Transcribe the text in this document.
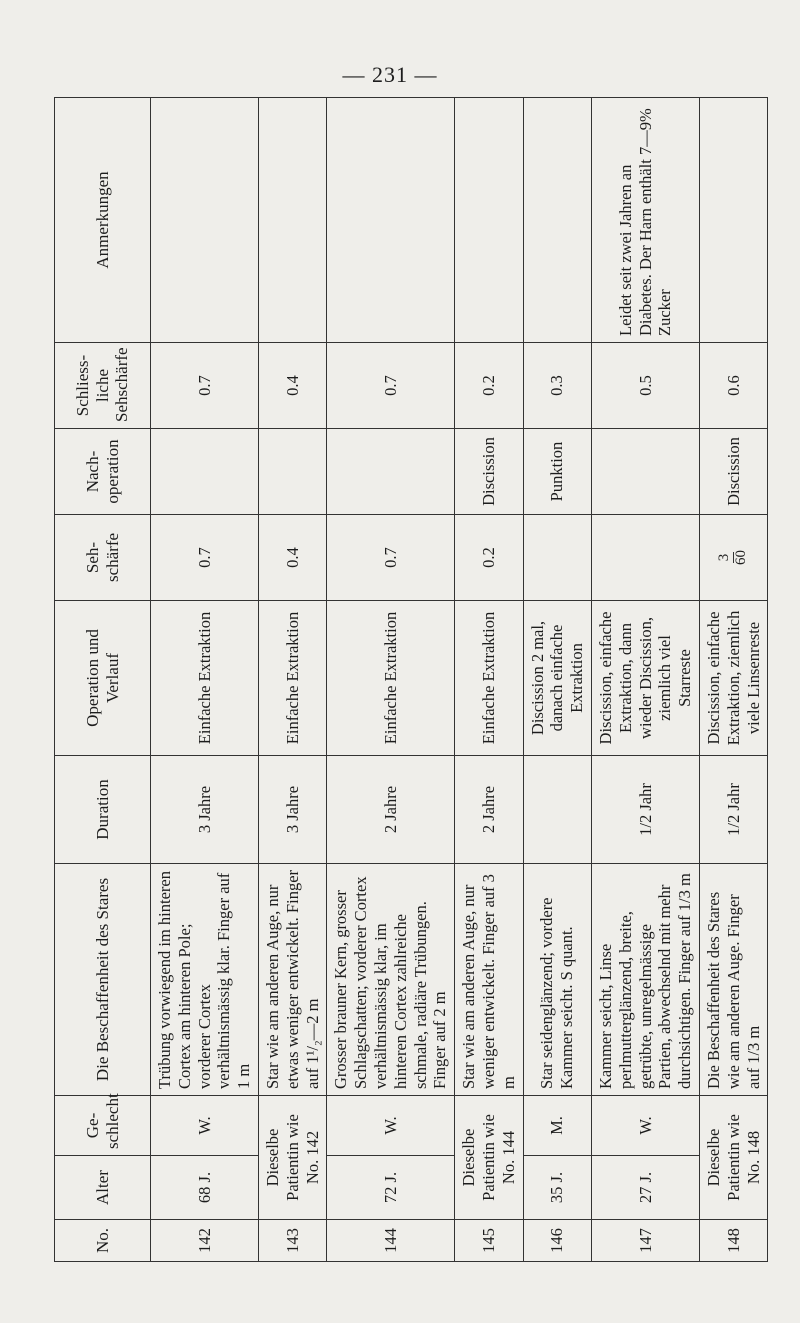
— 231 —
No.	Alter	Ge-schlecht	Die Beschaffenheit des Stares	Duration	Operation und Verlauf	Seh-schärfe	Nach-operation	Schliess-liche Sehschärfe	Anmerkungen
142	68 J.	W.	Trübung vorwiegend im hinteren Cortex am hinteren Pole; vorderer Cortex verhältnismässig klar. Finger auf 1 m	3 Jahre	Einfache Extraktion	0.7		0.7	
143	Dieselbe Patientin wie No. 142		Star wie am anderen Auge, nur etwas weniger entwickelt. Finger auf 1¹/₂—2 m	3 Jahre	Einfache Extraktion	0.4		0.4	
144	72 J.	W.	Grosser brauner Kern, grosser Schlagschatten; vorderer Cortex verhältnismässig klar, im hinteren Cortex zahlreiche schmale, radiäre Trübungen. Finger auf 2 m	2 Jahre	Einfache Extraktion	0.7		0.7	
145	Dieselbe Patientin wie No. 144		Star wie am anderen Auge, nur weniger entwickelt. Finger auf 3 m	2 Jahre	Einfache Extraktion	0.2	Discission	0.2	
146	35 J.	M.	Star seidenglänzend; vordere Kammer seicht. S quant.		Discission 2 mal, danach einfache Extraktion		Punktion	0.3	
147	27 J.	W.	Kammer seicht, Linse perlmutterglänzend, breite, getrübte, unregelmässige Partien, abwechselnd mit mehr durchsichtigen. Finger auf 1/3 m	1/2 Jahr	Discission, einfache Extraktion, dann wieder Discission, ziemlich viel Starreste			0.5	Leidet seit zwei Jahren an Diabetes. Der Harn enthält 7—9% Zucker
148	Dieselbe Patientin wie No. 148		Die Beschaffenheit des Stares wie am anderen Auge. Finger auf 1/3 m	1/2 Jahr	Discission, einfache Extraktion, ziemlich viele Linsenreste	3 60	Discission	0.6	
